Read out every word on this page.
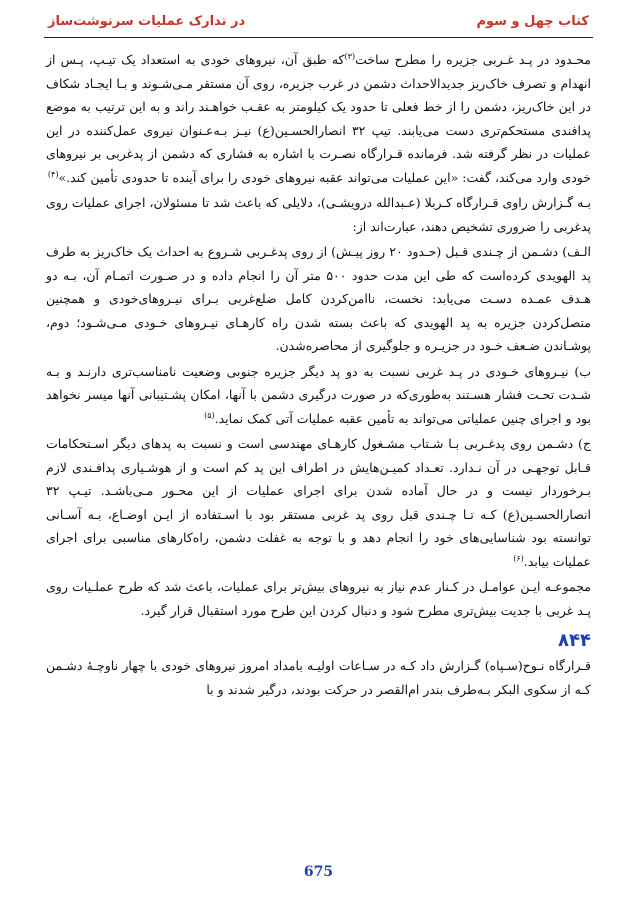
کتاب چهل و سوم
در تدارک عملیات سرنوشت‌ساز

محـدود در پـد غـربی جزیره را مطرح ساخت$^{(۳)}$که طبق آن، نیروهای خودی به استعداد یک تیـپ، پـس از انهدام و تصرف خاک‌ریز جدیدالاحداث دشمن در غرب جزیره، روی آن مستقر مـی‌شـوند و بـا ایجـاد شکاف در این خاک‌ریز، دشمن را از خط فعلی تا حدود یک کیلومتر به عقـب خواهـند راند و به این ترتیب به موضع پدافندی مستحکم‌تری دست می‌یابند. تیپ ۳۲ انصارالحسـین(ع) نیـز بـه‌عـنوان نیروی عمل‌کننده در این عملیات در نظر گرفته شد. فرمانده قـرارگاه نصـرت با اشاره به فشاری که دشمن از پدغربی بر نیروهای خودی وارد می‌کند، گفت: «این عملیات می‌تواند عقبه نیروهای خودی را برای آینده تا حدودی تأمین کند.»$^{(۴)}$

بـه گـزارش راوی قـرارگاه کـربلا (عـبدالله درویشـی)، دلایلی که باعث شد تا مسئولان، اجرای عملیات روی پدغربی را ضروری تشخیص دهند، عبارت‌اند از:

الـف) دشـمن از چـندی قـبل (حـدود ۲۰ روز پیـش) از روی پدغـربی شـروع به احداث یک خاک‌ریز به طرف پد الهویدی کرده‌است که طی این مدت حدود ۵۰۰ متر آن را انجام داده و در صـورت اتمـام آن، بـه دو هـدف عمـده دسـت می‌یابد: نخست، ناامن‌کردن کامل ضلع‌غربی بـرای نیـروهای‌خودی و همچنین متصل‌کردن جزیره به پد الهویدی که باعث بسته شدن راه کارهـای نیـروهای خـودی مـی‌شـود؛ دوم، پوشـاندن ضـعف خـود در جزیـره و جلوگیری از محاصره‌شدن.

ب) نیـروهای خـودی در پـد غربی نسبت به دو پد دیگر جزیره جنوبی وضعیت نامناسب‌تری دارنـد و بـه شـدت تحـت فشار هسـتند به‌طوری‌که در صورت درگیری دشمن با آنها، امکان پشـتیبانی آنها میسر نخواهد بود و اجرای چنین عملیاتی می‌تواند به تأمین عقبه عملیات آتی کمک نماید.$^{(۵)}$

ج) دشـمن روی پدغـربی بـا شـتاب مشـغول کارهـای مهندسی است و نسبت به پدهای دیگر اسـتحکامات قـابل توجهـی در آن نـدارد. تعـداد کمیـن‌هایش در اطراف این پد کم است و از هوشـیاری پدافـندی لازم بـرخوردار نیست و در حال آماده شدن برای اجرای عملیات از این محـور مـی‌باشـد. تیـپ ۳۲ انصارالحسـین(ع) کـه تـا چـندی قبل روی پد غربی مستقر بود با اسـتفاده از ایـن اوضـاع، بـه آسـانی توانسته بود شناسایی‌های خود را انجام دهد و با توجه به غفلت دشمن، راه‌کارهای مناسبی برای اجرای عملیات بیابد.$^{(۶)}$

مجموعـه ایـن عوامـل در کـنار عدم نیاز به نیروهای بیش‌تر برای عملیات، باعث شد که طرح عملـیات روی پـد غربی با جدیت بیش‌تری مطرح شود و دنبال کردن این طرح مورد استقبال قرار گیرد.

۸۴۴

قـرارگاه نـوح(سـپاه) گـزارش داد کـه در سـاعات اولیـه بامداد امروز نیروهای خودی با چهار ناوچـهٔ دشـمن کـه از سکوی البکر بـه‌طرف بندر ام‌القصر در حرکت بودند، درگیر شدند و با

675
